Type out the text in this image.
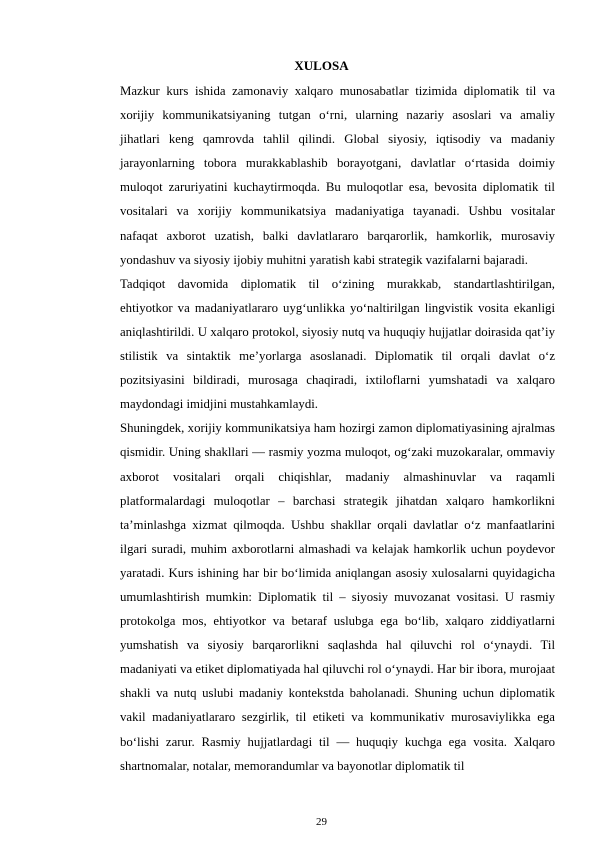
XULOSA

Mazkur kurs ishida zamonaviy xalqaro munosabatlar tizimida diplomatik til va xorijiy kommunikatsiyaning tutgan o‘rni, ularning nazariy asoslari va amaliy jihatlari keng qamrovda tahlil qilindi. Global siyosiy, iqtisodiy va madaniy jarayonlarning tobora murakkablashib borayotgani, davlatlar o‘rtasida doimiy muloqot zaruriyatini kuchaytirmoqda. Bu muloqotlar esa, bevosita diplomatik til vositalari va xorijiy kommunikatsiya madaniyatiga tayanadi. Ushbu vositalar nafaqat axborot uzatish, balki davlatlararo barqarorlik, hamkorlik, murosaviy yondashuv va siyosiy ijobiy muhitni yaratish kabi strategik vazifalarni bajaradi.

Tadqiqot davomida diplomatik til o‘zining murakkab, standartlashtirilgan, ehtiyotkor va madaniyatlararo uyg‘unlikka yo‘naltirilgan lingvistik vosita ekanligi aniqlashtirildi. U xalqaro protokol, siyosiy nutq va huquqiy hujjatlar doirasida qat’iy stilistik va sintaktik me’yorlarga asoslanadi. Diplomatik til orqali davlat o‘z pozitsiyasini bildiradi, murosaga chaqiradi, ixtiloflarni yumshatadi va xalqaro maydondagi imidjini mustahkamlaydi.

Shuningdek, xorijiy kommunikatsiya ham hozirgi zamon diplomatiyasining ajralmas qismidir. Uning shakllari — rasmiy yozma muloqot, og‘zaki muzokaralar, ommaviy axborot vositalari orqali chiqishlar, madaniy almashinuvlar va raqamli platformalardagi muloqotlar – barchasi strategik jihatdan xalqaro hamkorlikni ta’minlashga xizmat qilmoqda. Ushbu shakllar orqali davlatlar o‘z manfaatlarini ilgari suradi, muhim axborotlarni almashadi va kelajak hamkorlik uchun poydevor yaratadi. Kurs ishining har bir bo‘limida aniqlangan asosiy xulosalarni quyidagicha umumlashtirish mumkin: Diplomatik til – siyosiy muvozanat vositasi. U rasmiy protokolga mos, ehtiyotkor va betaraf uslubga ega bo‘lib, xalqaro ziddiyatlarni yumshatish va siyosiy barqarorlikni saqlashda hal qiluvchi rol o‘ynaydi. Til madaniyati va etiket diplomatiyada hal qiluvchi rol o‘ynaydi. Har bir ibora, murojaat shakli va nutq uslubi madaniy kontekstda baholanadi. Shuning uchun diplomatik vakil madaniyatlararo sezgirlik, til etiketi va kommunikativ murosaviylikka ega bo‘lishi zarur. Rasmiy hujjatlardagi til — huquqiy kuchga ega vosita. Xalqaro shartnomalar, notalar, memorandumlar va bayonotlar diplomatik til

29
